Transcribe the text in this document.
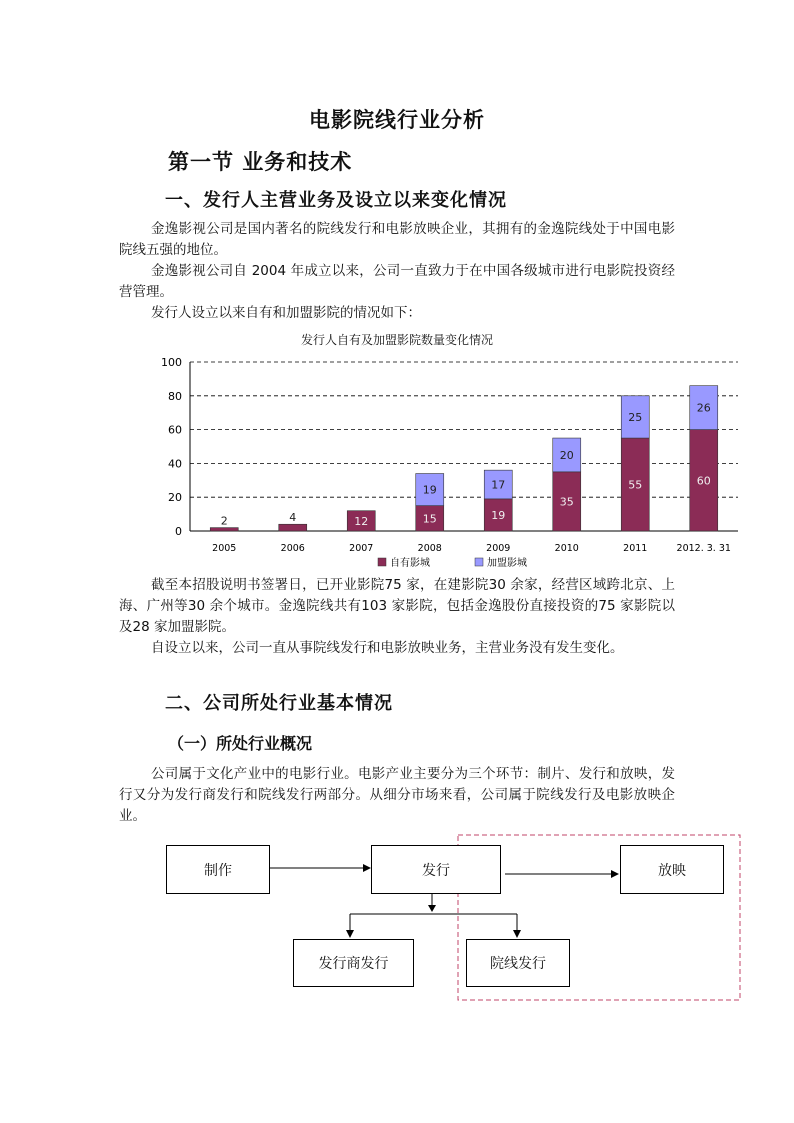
电影院线行业分析
第一节 业务和技术
一、发行人主营业务及设立以来变化情况
金逸影视公司是国内著名的院线发行和电影放映企业，其拥有的金逸院线处于中国电影院线五强的地位。
金逸影视公司自 2004 年成立以来，公司一直致力于在中国各级城市进行电影院投资经营管理。
发行人设立以来自有和加盟影院的情况如下：
发行人自有及加盟影院数量变化情况
0
20
40
60
80
100
2005	2006	2007	2008	2009	2010	2011	2012. 3. 31
2	4	12	15
19
19
17
35
20
55
25
60
26
自有影城	加盟影城
截至本招股说明书签署日，已开业影院75 家，在建影院30 余家，经营区域跨北京、上海、广州等30 余个城市。金逸院线共有103 家影院，包括金逸股份直接投资的75 家影院以及28 家加盟影院。
自设立以来，公司一直从事院线发行和电影放映业务，主营业务没有发生变化。
二、公司所处行业基本情况
（一）所处行业概况
公司属于文化产业中的电影行业。电影产业主要分为三个环节：制片、发行和放映，发行又分为发行商发行和院线发行两部分。从细分市场来看，公司属于院线发行及电影放映企业。
制作	发行	放映
发行商发行	院线发行
